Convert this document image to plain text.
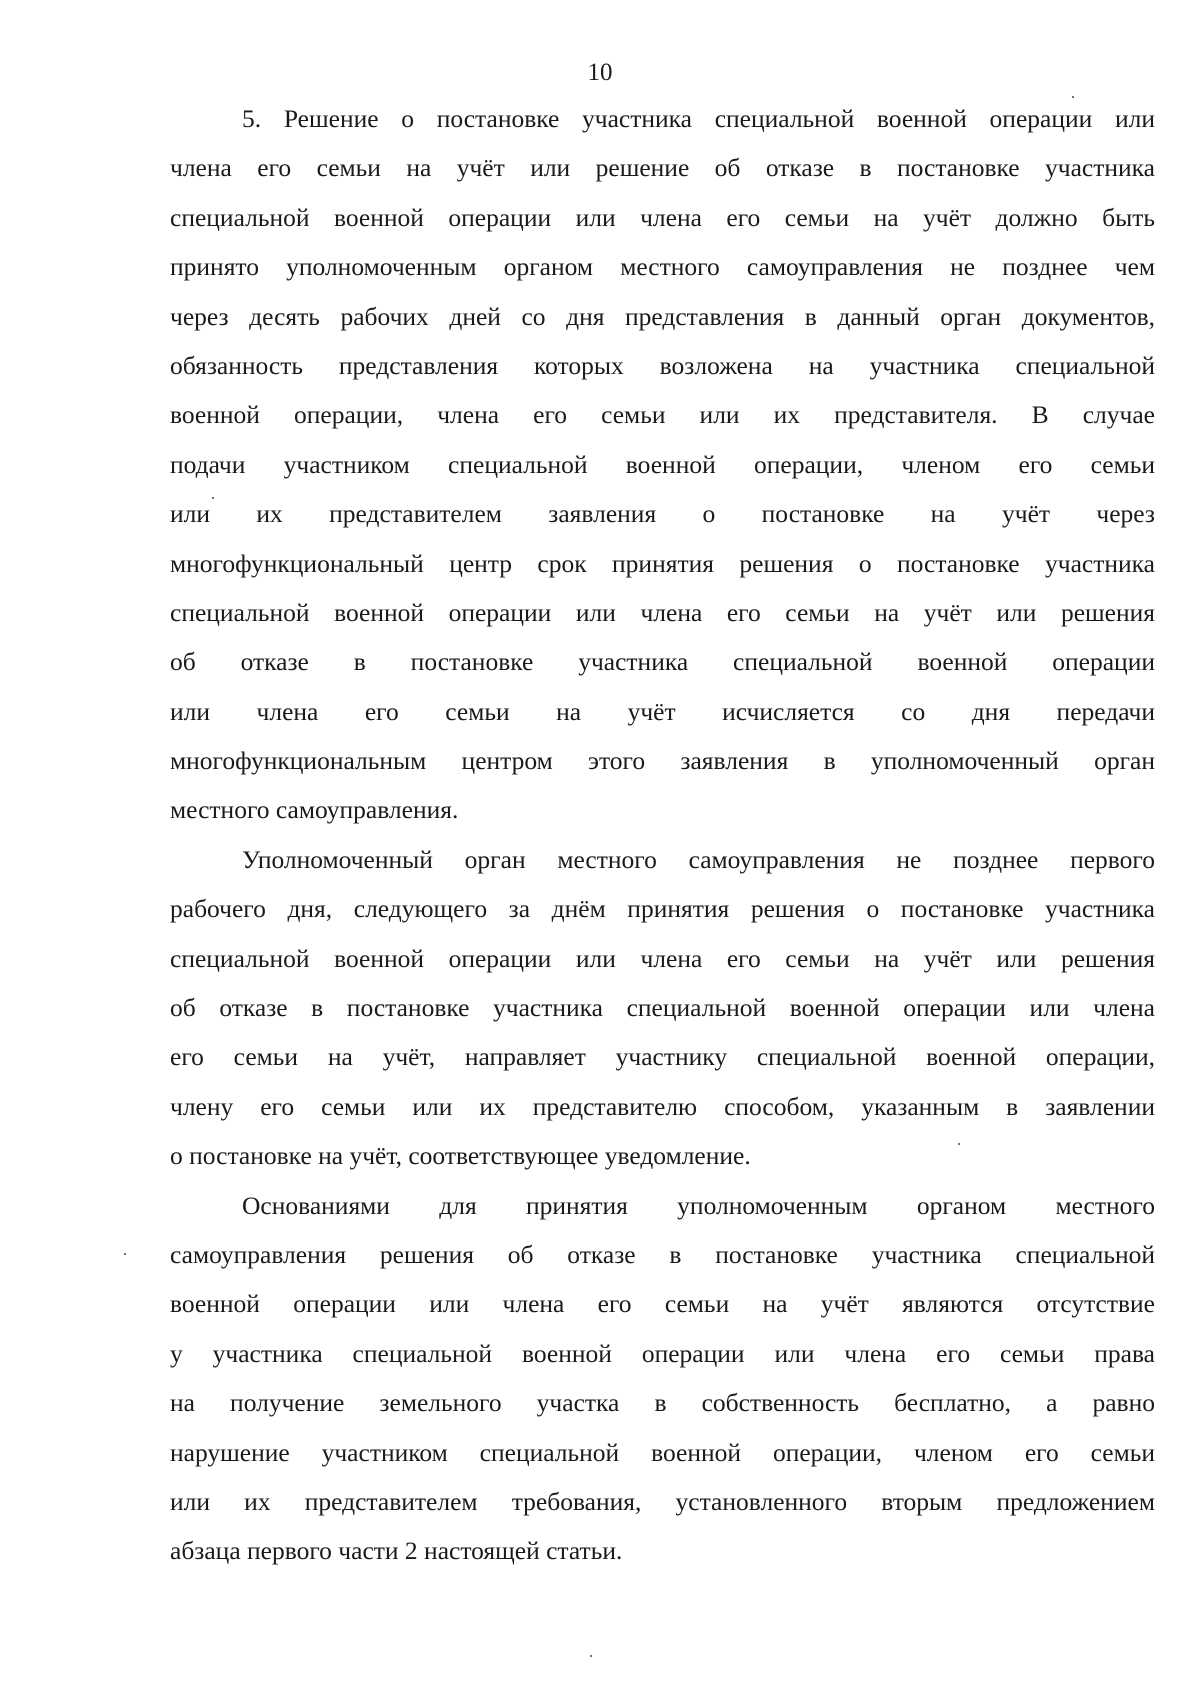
10
5. Решение о постановке участника специальной военной операции или
члена его семьи на учёт или решение об отказе в постановке участника
специальной военной операции или члена его семьи на учёт должно быть
принято уполномоченным органом местного самоуправления не позднее чем
через десять рабочих дней со дня представления в данный орган документов,
обязанность представления которых возложена на участника специальной
военной операции, члена его семьи или их представителя. В случае
подачи участником специальной военной операции, членом его семьи
или их представителем заявления о постановке на учёт через
многофункциональный центр срок принятия решения о постановке участника
специальной военной операции или члена его семьи на учёт или решения
об отказе в постановке участника специальной военной операции
или члена его семьи на учёт исчисляется со дня передачи
многофункциональным центром этого заявления в уполномоченный орган
местного самоуправления.
Уполномоченный орган местного самоуправления не позднее первого
рабочего дня, следующего за днём принятия решения о постановке участника
специальной военной операции или члена его семьи на учёт или решения
об отказе в постановке участника специальной военной операции или члена
его семьи на учёт, направляет участнику специальной военной операции,
члену его семьи или их представителю способом, указанным в заявлении
о постановке на учёт, соответствующее уведомление.
Основаниями для принятия уполномоченным органом местного
самоуправления решения об отказе в постановке участника специальной
военной операции или члена его семьи на учёт являются отсутствие
у участника специальной военной операции или члена его семьи права
на получение земельного участка в собственность бесплатно, а равно
нарушение участником специальной военной операции, членом его семьи
или их представителем требования, установленного вторым предложением
абзаца первого части 2 настоящей статьи.
